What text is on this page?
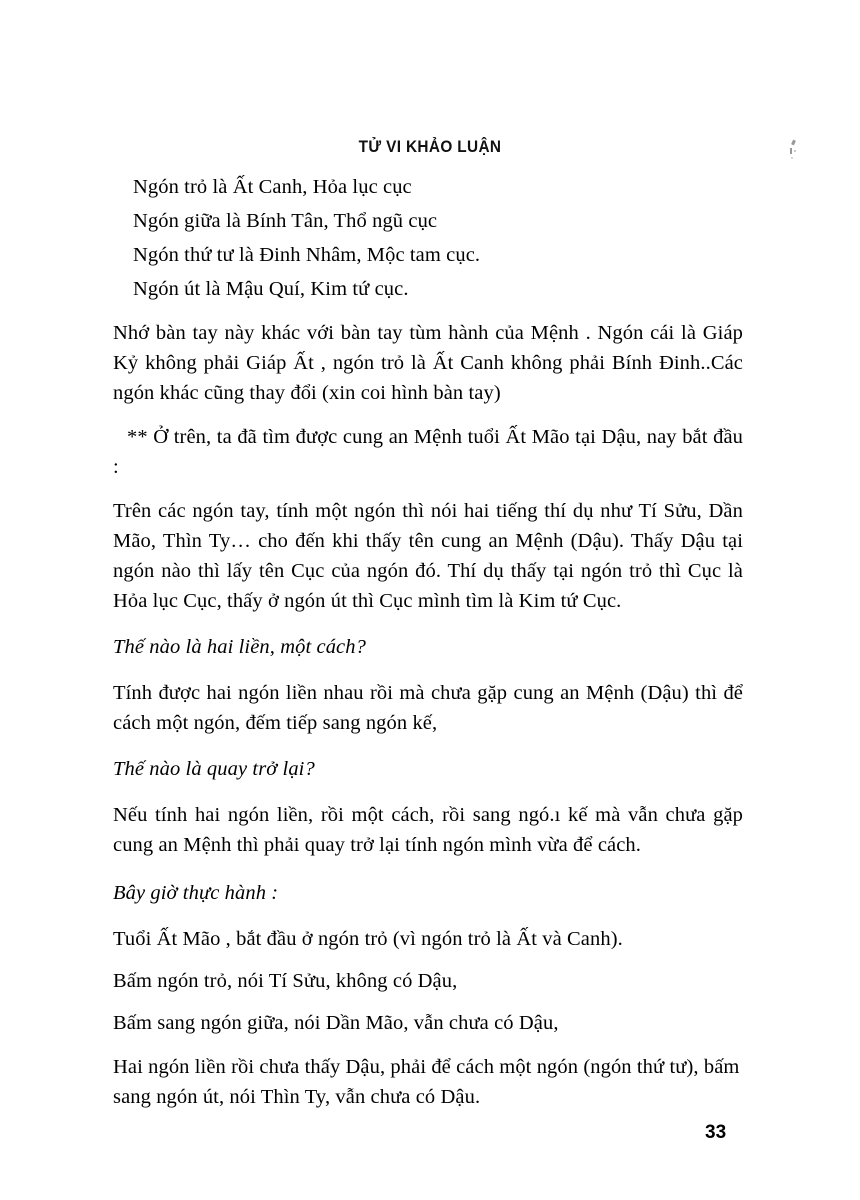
TỬ VI KHẢO LUẬN
Ngón trỏ là Ất Canh, Hỏa lục cục
Ngón giữa là Bính Tân, Thổ ngũ cục
Ngón thứ tư là Đinh Nhâm, Mộc tam cục.
Ngón út là Mậu Quí, Kim tứ cục.

Nhớ bàn tay này khác với bàn tay tùm hành của Mệnh . Ngón cái là Giáp Kỷ không phải Giáp Ất , ngón trỏ là Ất Canh không phải Bính Đinh..Các ngón khác cũng thay đổi (xin coi hình bàn tay)

** Ở trên, ta đã tìm được cung an Mệnh tuổi Ất Mão tại Dậu, nay bắt đầu :

Trên các ngón tay, tính một ngón thì nói hai tiếng thí dụ như Tí Sửu, Dần Mão, Thìn Ty… cho đến khi thấy tên cung an Mệnh (Dậu). Thấy Dậu tại ngón nào thì lấy tên Cục của ngón đó. Thí dụ thấy tại ngón trỏ thì Cục là Hỏa lục Cục, thấy ở ngón út thì Cục mình tìm là Kim tứ Cục.

Thế nào là hai liền, một cách?

Tính được hai ngón liền nhau rồi mà chưa gặp cung an Mệnh (Dậu) thì để cách một ngón, đếm tiếp sang ngón kế,

Thế nào là quay trở lại?

Nếu tính hai ngón liền, rồi một cách, rồi sang ngó.ı kế mà vẫn chưa gặp cung an Mệnh thì phải quay trở lại tính ngón mình vừa để cách.

Bây giờ thực hành :

Tuổi Ất Mão , bắt đầu ở ngón trỏ (vì ngón trỏ là Ất và Canh).

Bấm ngón trỏ, nói Tí Sửu, không có Dậu,

Bấm sang ngón giữa, nói Dần Mão, vẫn chưa có Dậu,

Hai ngón liền rồi chưa thấy Dậu, phải để cách một ngón (ngón thứ tư), bấm sang ngón út, nói Thìn Ty, vẫn chưa có Dậu.

33
